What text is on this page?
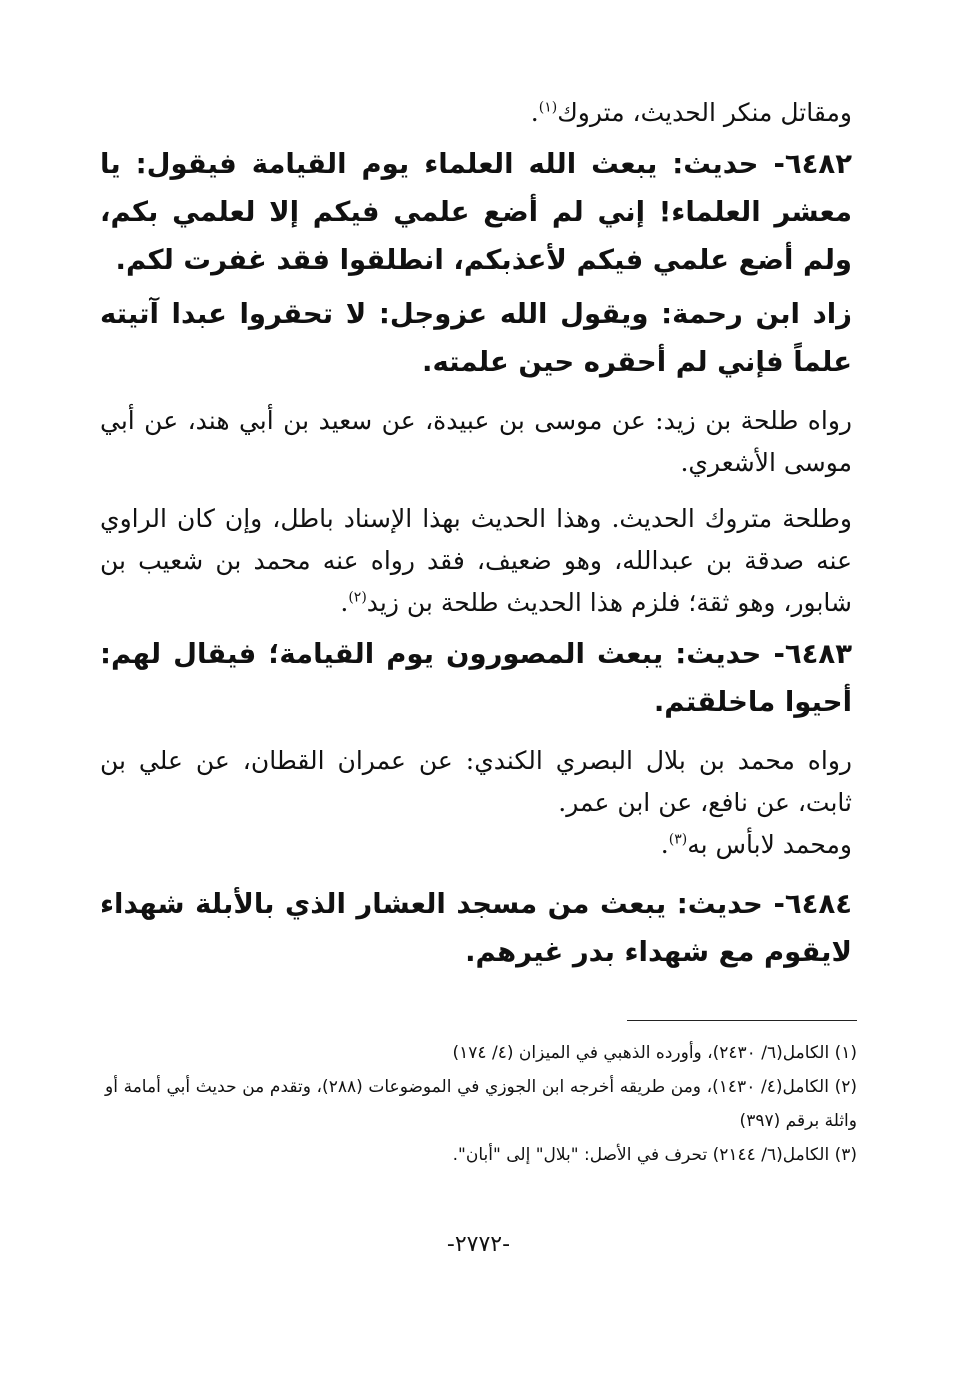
ومقاتل منكر الحديث، متروك$^{(١)}$.

٦٤٨٢- حديث: يبعث الله العلماء يوم القيامة فيقول: يا معشر العلماء! إني لم أضع علمي فيكم إلا لعلمي بكم، ولم أضع علمي فيكم لأعذبكم، انطلقوا فقد غفرت لكم.

زاد ابن رحمة: ويقول الله عزوجل: لا تحقروا عبدا آتيته علماً فإني لم أحقره حين علمته.

رواه طلحة بن زيد: عن موسى بن عبيدة، عن سعيد بن أبي هند، عن أبي موسى الأشعري.

وطلحة متروك الحديث. وهذا الحديث بهذا الإسناد باطل، وإن كان الراوي عنه صدقة بن عبدالله، وهو ضعيف، فقد رواه عنه محمد بن شعيب بن شابور، وهو ثقة؛ فلزم هذا الحديث طلحة بن زيد$^{(٢)}$.

٦٤٨٣- حديث: يبعث المصورون يوم القيامة؛ فيقال لهم: أحيوا ماخلقتم.

رواه محمد بن بلال البصري الكندي: عن عمران القطان، عن علي بن ثابت، عن نافع، عن ابن عمر.

ومحمد لابأس به$^{(٣)}$.

٦٤٨٤- حديث: يبعث من مسجد العشار الذي بالأبلة شهداء لايقوم مع شهداء بدر غيرهم.

(١) الكامل(٦/ ٢٤٣٠)، وأورده الذهبي في الميزان (٤/ ١٧٤)

(٢) الكامل(٤/ ١٤٣٠)، ومن طريقه أخرجه ابن الجوزي في الموضوعات (٢٨٨)، وتقدم من حديث أبي أمامة أو واثلة برقم (٣٩٧)

(٣) الكامل(٦/ ٢١٤٤) تحرف في الأصل: "بلال" إلى "أبان".

-٢٧٧٢-
